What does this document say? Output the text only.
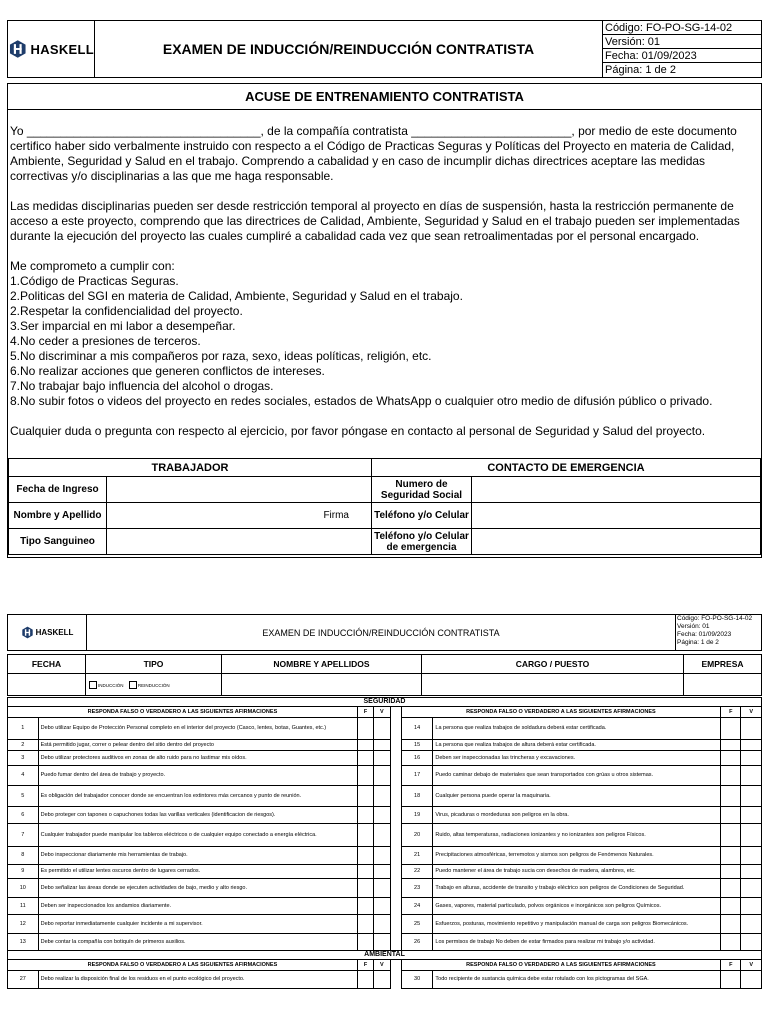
HASKELL	EXAMEN DE INDUCCIÓN/REINDUCCIÓN CONTRATISTA
Código: FO-PO-SG-14-02
Versión: 01
Fecha: 01/09/2023
Página: 1 de 2
ACUSE DE ENTRENAMIENTO CONTRATISTA

Yo ___________________________________, de la compañía contratista ________________________, por medio de este documento certifico haber sido verbalmente instruido con respecto a el Código de Practicas Seguras y Políticas del Proyecto en materia de Calidad, Ambiente, Seguridad y Salud en el trabajo. Comprendo a cabalidad y en caso de incumplir dichas directrices aceptare las medidas correctivas y/o disciplinarias a las que me haga responsable.

Las medidas disciplinarias pueden ser desde restricción temporal al proyecto en días de suspensión, hasta la restricción permanente de acceso a este proyecto, comprendo que las directrices de Calidad, Ambiente, Seguridad y Salud en el trabajo pueden ser implementadas durante la ejecución del proyecto las cuales cumpliré a cabalidad cada vez que sean retroalimentadas por el personal encargado.

Me comprometo a cumplir con:

1.Código de Practicas Seguras.

2.Politicas del SGI en materia de Calidad, Ambiente, Seguridad y Salud en el trabajo.

2.Respetar la confidencialidad del proyecto.

3.Ser imparcial en mi labor a desempeñar.

4.No ceder a presiones de terceros.

5.No discriminar a mis compañeros por raza, sexo, ideas políticas, religión, etc.

6.No realizar acciones que generen conflictos de intereses.

7.No trabajar bajo influencia del alcohol o drogas.

8.No subir fotos o videos del proyecto en redes sociales, estados de WhatsApp o cualquier otro medio de difusión público o privado.

Cualquier duda o pregunta con respecto al ejercicio, por favor póngase en contacto al personal de Seguridad y Salud del proyecto.

TRABAJADOR		CONTACTO DE EMERGENCIA	
Fecha de Ingreso		Numero de Seguridad Social	
Nombre y Apellido	Firma	Teléfono y/o Celular	
Tipo Sanguineo		Teléfono y/o Celular de emergencia	
HASKELL	EXAMEN DE INDUCCIÓN/REINDUCCIÓN CONTRATISTA
Código: FO-PO-SG-14-02
Versión: 01
Fecha: 01/09/2023
Página: 1 de 2
FECHA	TIPO	NOMBRE Y APELLIDOS	CARGO / PUESTO	EMPRESA
	INDUCCIÓN REINDUCCIÓN			
SEGURIDAD								
RESPONDA FALSO O VERDADERO A LAS SIGUIENTES AFIRMACIONES		F	V		RESPONDA FALSO O VERDADERO A LAS SIGUIENTES AFIRMACIONES		F	V
1	Debo utilizar Equipo de Protección Personal completo en el interior del proyecto (Casco, lentes, botas, Guantes, etc.)				14	La persona que realiza trabajos de soldadura deberá estar certificada.		
2	Está permitido jugar, correr o pelear dentro del sitio dentro del proyecto				15	La persona que realiza trabajos de altura deberá estar certificada.		
3	Debo utilizar protectores auditivos en zonas de alto ruido para no lastimar mis oídos.				16	Deben ser inspeccionadas las trincheras y excavaciones.		
4	Puedo fumar dentro del área de trabajo y proyecto.				17	Puedo caminar debajo de materiales que sean transportados con grúas u otros sistemas.		
5	Es obligación del trabajador conocer donde se encuentran los extintores más cercanos y punto de reunión.				18	Cualquier persona puede operar la maquinaria.		
6	Debo proteger con tapones o capuchones todas las varillas verticales (identificacion de riesgos).				19	Virus, picaduras o mordeduras son peligros en la obra.		
7	Cualquier trabajador puede manipular los tableros eléctricos o de cualquier equipo conectado a energía eléctrica.				20	Ruido, altas temperaturas, radiaciones ionizantes y no ionizantes son peligros Físicos.		
8	Debo inspeccionar diariamente mis herramientas de trabajo.				21	Precipitaciones atmosféricas, terremotos y sismos son peligros de Fenómenos Naturales.		
9	Es permitido el utilizar lentes oscuros dentro de lugares cerrados.				22	Puedo mantener el área de trabajo sucia con desechos de madera, alambres, etc.		
10	Debo señalizar las áreas donde se ejecuten actividades de bajo, medio y alto riesgo.				23	Trabajo en alturas, accidente de transito y trabajo eléctrico son peligros de Condiciones de Seguridad.		
11	Deben ser inspeccionados los andamios diariamente.				24	Gases, vapores, material particulado, polvos orgánicos e inorgánicos son peligros Químicos.		
12	Debo reportar inmediatamente cualquier incidente a mi supervisor.				25	Esfuerzos, posturas, movimiento repetitivo y manipulación manual de carga son peligros Biomecánicos.		
13	Debe contar la compañía con botiquín de primeros auxilios.				26	Los permisos de trabajo No deben de estar firmados para realizar mi trabajo y/o actividad.		
AMBIENTAL								
RESPONDA FALSO O VERDADERO A LAS SIGUIENTES AFIRMACIONES		F	V		RESPONDA FALSO O VERDADERO A LAS SIGUIENTES AFIRMACIONES		F	V
27	Debo realizar la disposición final de los residuos en el punto ecológico del proyecto.				30	Todo recipiente de sustancia química debe estar rotulado con los pictogramas del SGA.		
